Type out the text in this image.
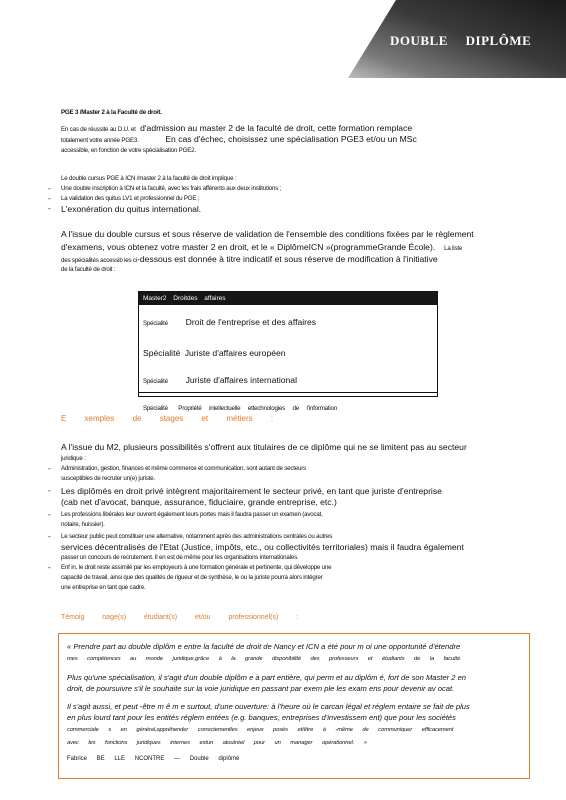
DOUBLE DIPLÔME
PGE 3 /Master 2 à la Faculté de droit.
En cas de réussite au D.U. et d'admission au master 2 de la faculté de droit, cette formation remplace
totalement votre année PGE3.	En cas d'échec, choisissez une spécialisation PGE3 et/ou un MSc
accessible, en fonction de votre spécialisation PGE2.
Le double cursus PGE à ICN /master 2 à la faculté de droit implique :
- Une double inscription à ICN et la faculté, avec les frais afférents aux deux institutions ;
- La validation des quitus LV1 et professionnel du PGE ;
- L'exonération du quitus international.
A l'issue du double cursus et sous réserve de validation de l'ensemble des conditions fixées par le règlement
d'examens, vous obtenez votre master 2 en droit, et le « DiplômeICN »(programmeGrande École). La liste
des spécialités accessib les ci-dessous est donnée à titre indicatif et sous réserve de modification à l'initiative
de la faculté de droit :
Master2 Droitdes affaires
Spécialité Droit de l'entreprise et des affaires
Spécialité Juriste d'affaires européen
Spécialité Juriste d'affaires international
Spécialité Propriété intellectuelle ettechnologies de l'information
E xemples de stages et métiers :
A l'issue du M2, plusieurs possibilités s'offrent aux titulaires de ce diplôme qui ne se limitent pas au secteur
juridique :
- Administration, gestion, finances et même commerce et communication, sont autant de secteurs
susceptibles de recruter un(e) juriste.
- Les diplômés en droit privé intègrent majoritairement le secteur privé, en tant que juriste d'entreprise
(cab net d'avocat, banque, assurance, fiduciaire, grande entreprise, etc.)
- Les professions libérales leur ouvrent également leurs portes mais il faudra passer un examen (avocat,
notaire, huissier).
- Le secteur public peut constituer une alternative, notamment après des administrations centrales ou autres
services décentralisés de l'Etat (Justice, impôts, etc., ou collectivités territoriales) mais il faudra également
passer un concours de recrutement. Il en est de même pour les organisations internationales.
- Enf in, le droit reste assimilé par les employeurs à une formation générale et pertinente, qui développe une
capacité de travail, ainsi que des qualités de rigueur et de synthèse, le ou la juriste pourra alors intégrer
une entreprise en tant que cadre.
Témoig nage(s) étudiant(s) et/ou professionnel(s) :

« Prendre part au double diplôm e entre la faculté de droit de Nancy et ICN a été pour m oi une opportunité d'étendre
mes compétences au monde juridique,grâce à la grande disponibilité des professeurs et étudiants de la faculté.

Plus qu'une spécialisation, il s'agit d'un double diplôm e à part entière, qui perm et au diplôm é, fort de son Master 2 en
droit, de poursuivre s'il le souhaite sur la voie juridique en passant par exem ple les exam ens pour devenir av ocat.

Il s'agit aussi, et peut -être m ê m e surtout, d'une ouverture: à l'heure où le carcan légal et réglem entaire se fait de plus
en plus lourd tant pour les entités réglem entées (e.g. banques, entreprises d'investissem ent) que pour les sociétés
commerciale s en général,appréhender correctementles enjeux posés et/être à -même de communiquer efficacement
avec les fonctions juridiques internes estun atoutréel pour un manager opérationnel. »

Fabrice BE LLE NCONTRE — Double diplômé
